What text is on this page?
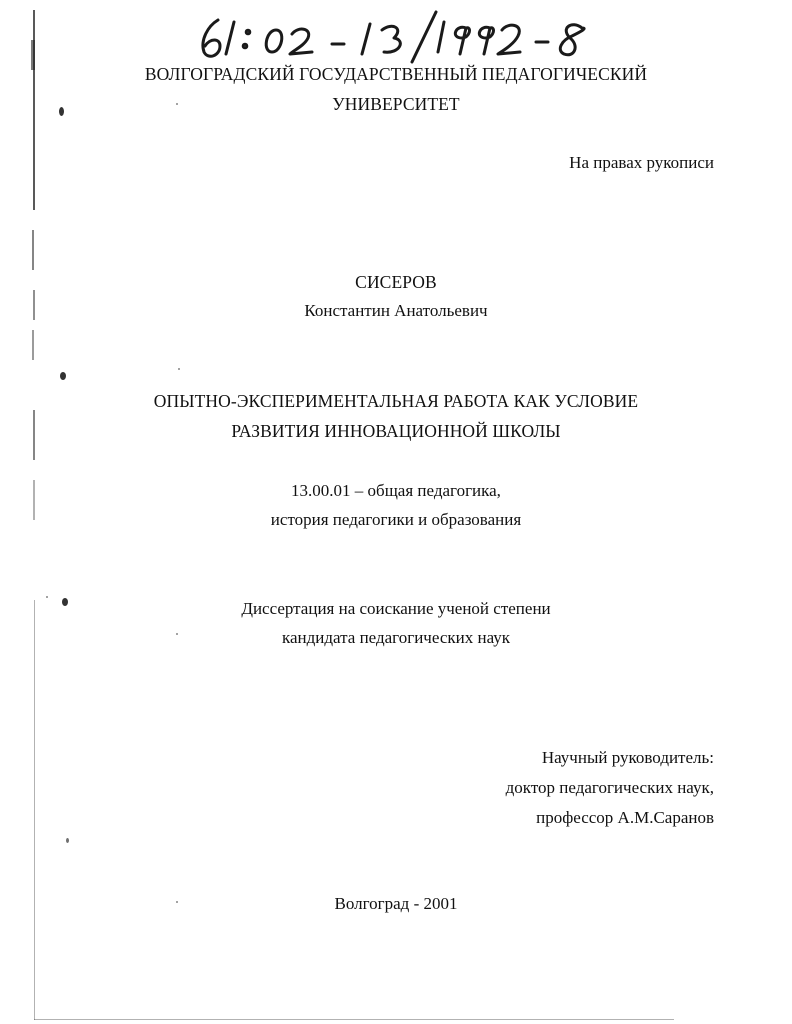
ВОЛГОГРАДСКИЙ ГОСУДАРСТВЕННЫЙ ПЕДАГОГИЧЕСКИЙ
УНИВЕРСИТЕТ
На правах рукописи
СИСЕРОВ
Константин Анатольевич
ОПЫТНО-ЭКСПЕРИМЕНТАЛЬНАЯ РАБОТА КАК УСЛОВИЕ
РАЗВИТИЯ ИННОВАЦИОННОЙ ШКОЛЫ
13.00.01 – общая педагогика,
история педагогики и образования
Диссертация на соискание ученой степени
кандидата педагогических наук
Научный руководитель:
доктор педагогических наук,
профессор А.М.Саранов
Волгоград - 2001
